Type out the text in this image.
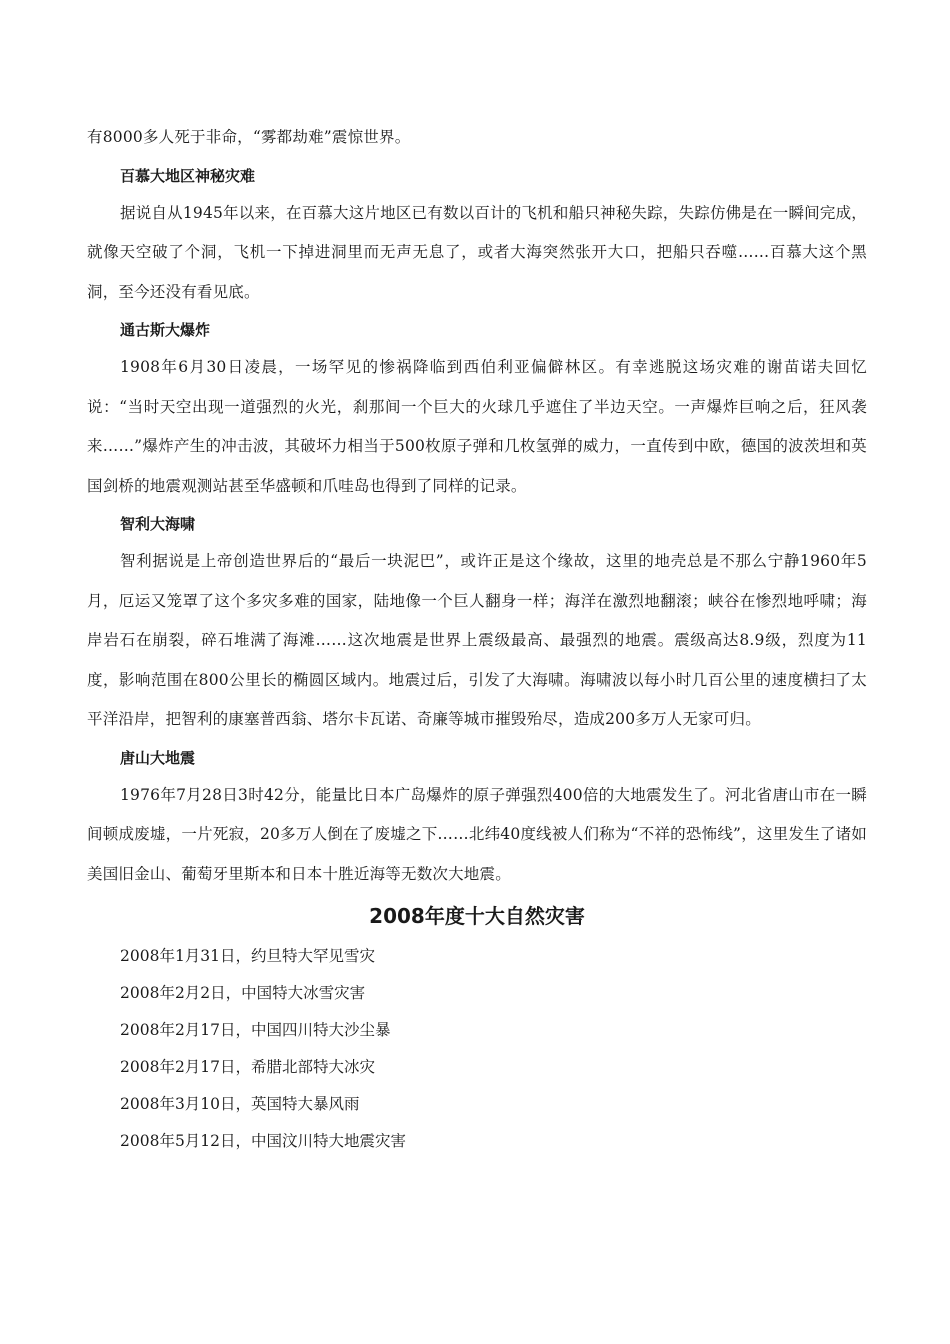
有8000多人死于非命，“雾都劫难”震惊世界。

百慕大地区神秘灾难

据说自从1945年以来，在百慕大这片地区已有数以百计的飞机和船只神秘失踪，失踪仿佛是在一瞬间完成，就像天空破了个洞，飞机一下掉进洞里而无声无息了，或者大海突然张开大口，把船只吞噬……百慕大这个黑洞，至今还没有看见底。

通古斯大爆炸

1908年6月30日凌晨，一场罕见的惨祸降临到西伯利亚偏僻林区。有幸逃脱这场灾难的谢苗诺夫回忆说：“当时天空出现一道强烈的火光，刹那间一个巨大的火球几乎遮住了半边天空。一声爆炸巨响之后，狂风袭来……”爆炸产生的冲击波，其破坏力相当于500枚原子弹和几枚氢弹的威力，一直传到中欧，德国的波茨坦和英国剑桥的地震观测站甚至华盛顿和爪哇岛也得到了同样的记录。

智利大海啸

智利据说是上帝创造世界后的“最后一块泥巴”，或许正是这个缘故，这里的地壳总是不那么宁静1960年5月，厄运又笼罩了这个多灾多难的国家，陆地像一个巨人翻身一样；海洋在激烈地翻滚；峡谷在惨烈地呼啸；海岸岩石在崩裂，碎石堆满了海滩……这次地震是世界上震级最高、最强烈的地震。震级高达8.9级，烈度为11度，影响范围在800公里长的椭圆区域内。地震过后，引发了大海啸。海啸波以每小时几百公里的速度横扫了太平洋沿岸，把智利的康塞普西翁、塔尔卡瓦诺、奇廉等城市摧毁殆尽，造成200多万人无家可归。

唐山大地震

1976年7月28日3时42分，能量比日本广岛爆炸的原子弹强烈400倍的大地震发生了。河北省唐山市在一瞬间顿成废墟，一片死寂，20多万人倒在了废墟之下……北纬40度线被人们称为“不祥的恐怖线”，这里发生了诸如美国旧金山、葡萄牙里斯本和日本十胜近海等无数次大地震。

2008年度十大自然灾害

2008年1月31日，约旦特大罕见雪灾

2008年2月2日，中国特大冰雪灾害

2008年2月17日，中国四川特大沙尘暴

2008年2月17日，希腊北部特大冰灾

2008年3月10日，英国特大暴风雨

2008年5月12日，中国汶川特大地震灾害
